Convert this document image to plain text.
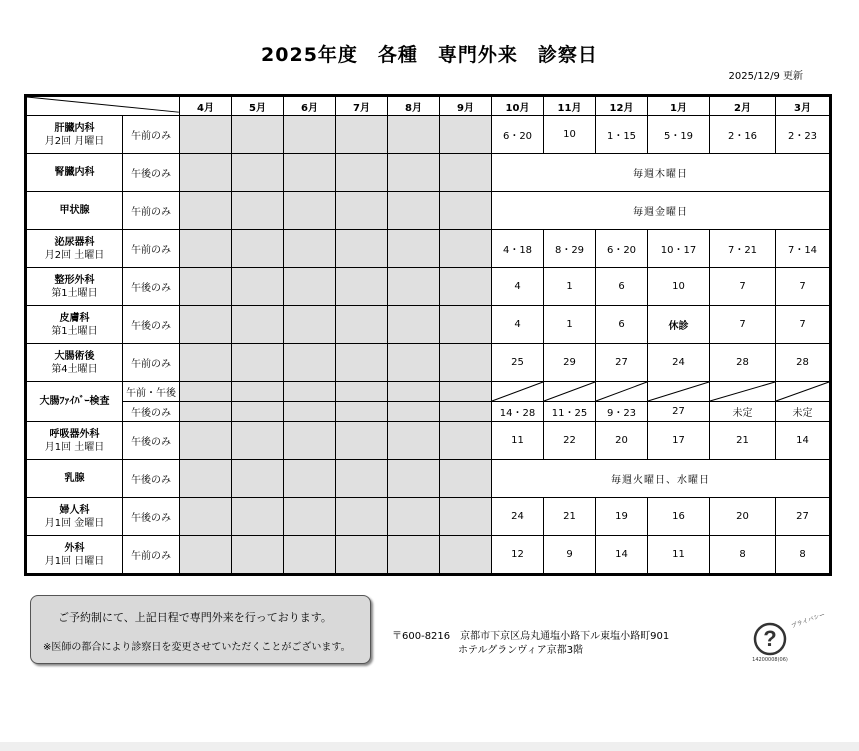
2025年度　各種　専門外来　診察日
2025/12/9 更新
	4月	5月	6月	7月	8月	9月	10月	11月	12月	1月	2月	3月

肝臓内科
月2回 月曜日	午前のみ							6・20	10	1・15	5・19	2・16	2・23

腎臓内科	午後のみ							毎週木曜日					

甲状腺	午前のみ							毎週金曜日					

泌尿器科
月2回 土曜日	午前のみ							4・18	8・29	6・20	10・17	7・21	7・14

整形外科
第1土曜日	午後のみ							4	1	6	10	7	7

皮膚科
第1土曜日	午後のみ							4	1	6	休診	7	7

大腸術後
第4土曜日	午前のみ							25	29	27	24	28	28
大腸ﾌｧｲﾊﾞｰ検査	午前・午後							

	午後のみ							14・28	11・25	9・23	27	未定	未定

呼吸器外科
月1回 土曜日	午後のみ							11	22	20	17	21	14

乳腺	午後のみ							毎週火曜日、水曜日					

婦人科
月1回 金曜日	午後のみ							24	21	19	16	20	27

外科
月1回 日曜日	午前のみ							12	9	14	11	8	8
ご予約制にて、上記日程で専門外来を行っております。
※医師の都合により診察日を変更させていただくことがございます。
〒600-8216　京都市下京区烏丸通塩小路下ル東塩小路町901
ホテルグランヴィア京都3階	?
プライバシー
14200008(06)
